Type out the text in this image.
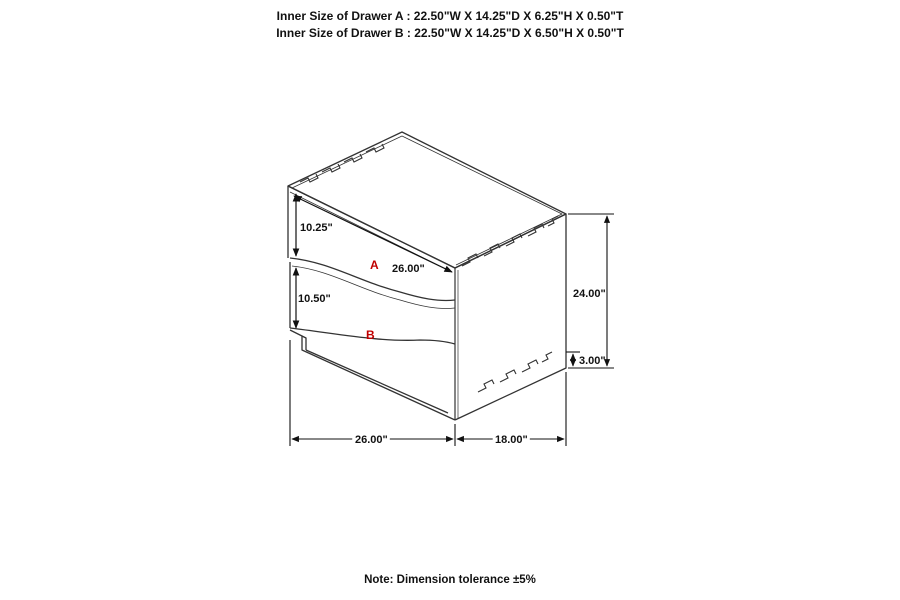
Inner Size of Drawer A : 22.50"W X 14.25"D X 6.25"H X 0.50"T
Inner Size of Drawer B : 22.50"W X 14.25"D X 6.50"H X 0.50"T
10.25"
26.00"
10.50"
A
B
24.00"
3.00"
26.00"	18.00"
Note: Dimension tolerance ±5%
